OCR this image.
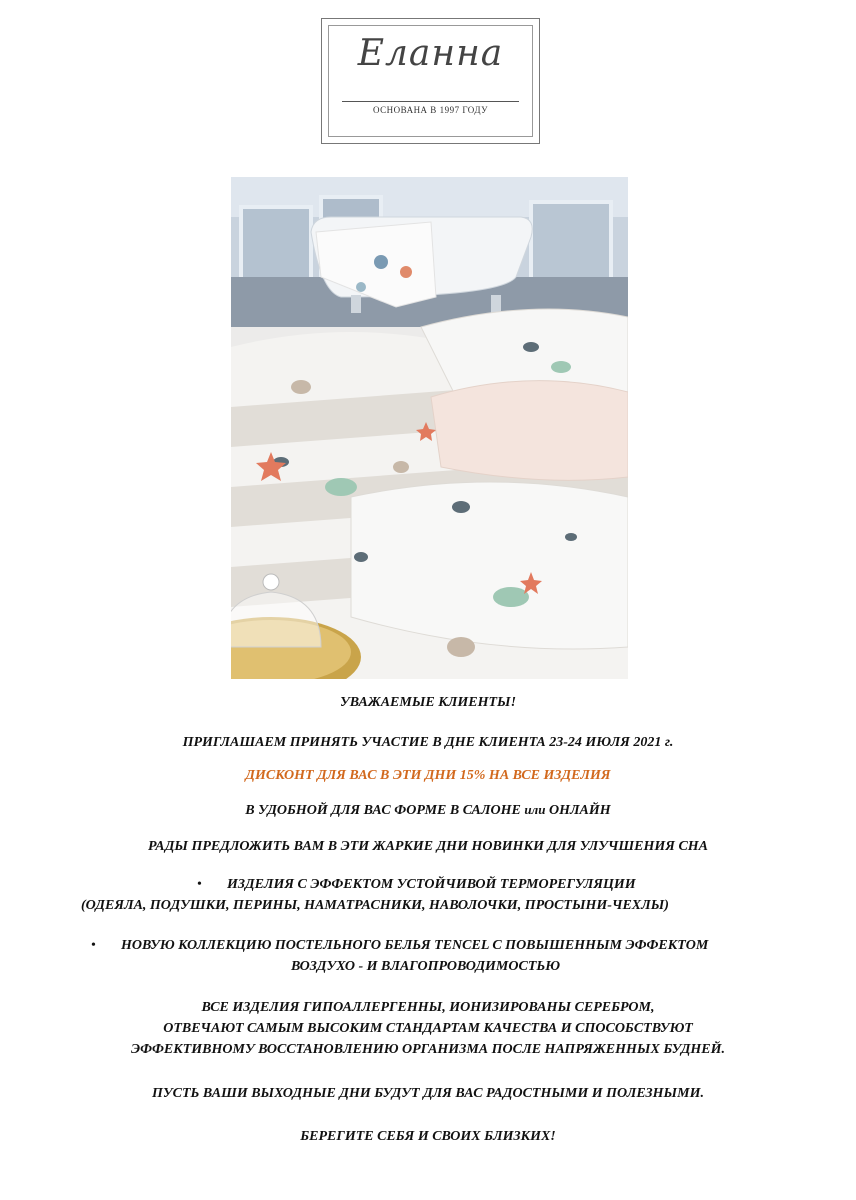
Еланна
ОСНОВАНА В 1997 ГОДУ
УВАЖАЕМЫЕ КЛИЕНТЫ!
ПРИГЛАШАЕМ ПРИНЯТЬ УЧАСТИЕ В ДНЕ КЛИЕНТА 23-24 ИЮЛЯ 2021 г.
ДИСКОНТ ДЛЯ ВАС В ЭТИ ДНИ 15% НА ВСЕ ИЗДЕЛИЯ
В УДОБНОЙ ДЛЯ ВАС ФОРМЕ В САЛОНЕ или ОНЛАЙН
РАДЫ ПРЕДЛОЖИТЬ ВАМ В ЭТИ ЖАРКИЕ ДНИ НОВИНКИ ДЛЯ УЛУЧШЕНИЯ СНА
• ИЗДЕЛИЯ С ЭФФЕКТОМ УСТОЙЧИВОЙ ТЕРМОРЕГУЛЯЦИИ
(ОДЕЯЛА, ПОДУШКИ, ПЕРИНЫ, НАМАТРАСНИКИ, НАВОЛОЧКИ, ПРОСТЫНИ-ЧЕХЛЫ)
• НОВУЮ КОЛЛЕКЦИЮ ПОСТЕЛЬНОГО БЕЛЬЯ TENCEL С ПОВЫШЕННЫМ ЭФФЕКТОМ
ВОЗДУХО - И ВЛАГОПРОВОДИМОСТЬЮ
ВСЕ ИЗДЕЛИЯ ГИПОАЛЛЕРГЕННЫ, ИОНИЗИРОВАНЫ СЕРЕБРОМ,
ОТВЕЧАЮТ САМЫМ ВЫСОКИМ СТАНДАРТАМ КАЧЕСТВА И СПОСОБСТВУЮТ
ЭФФЕКТИВНОМУ ВОССТАНОВЛЕНИЮ ОРГАНИЗМА ПОСЛЕ НАПРЯЖЕННЫХ БУДНЕЙ.
ПУСТЬ ВАШИ ВЫХОДНЫЕ ДНИ БУДУТ ДЛЯ ВАС РАДОСТНЫМИ И ПОЛЕЗНЫМИ.
БЕРЕГИТЕ СЕБЯ И СВОИХ БЛИЗКИХ!
